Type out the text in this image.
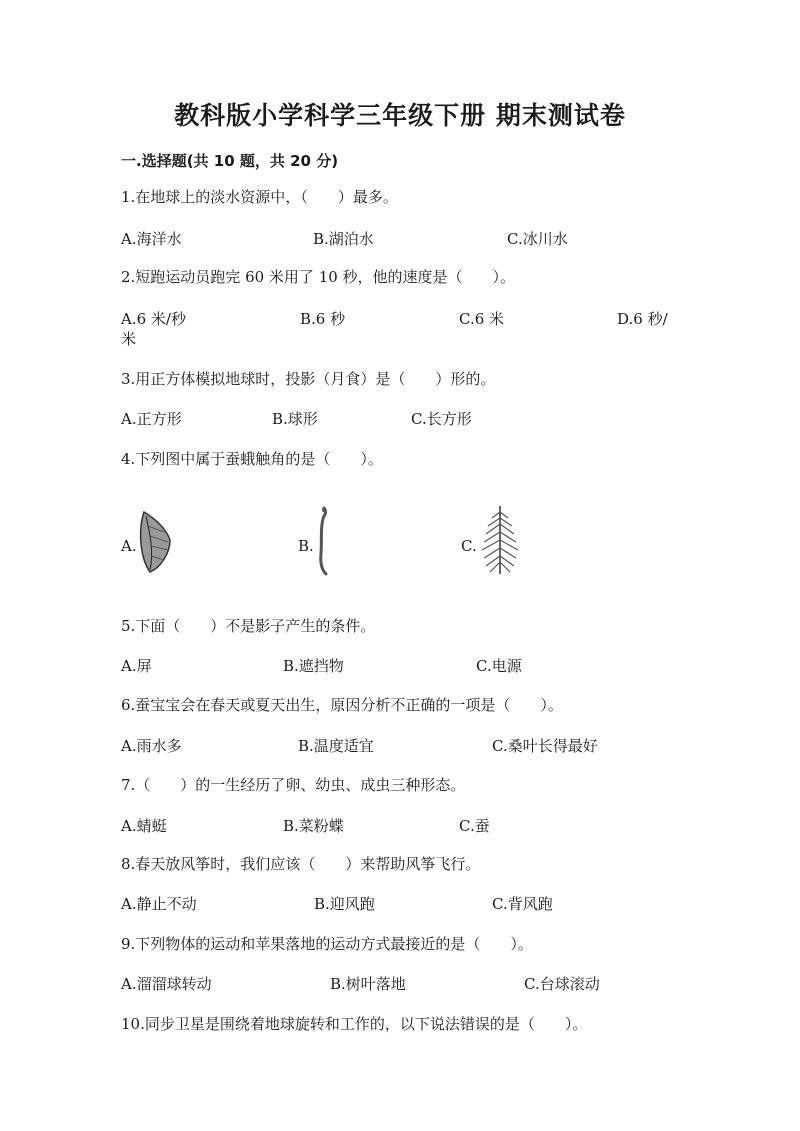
教科版小学科学三年级下册 期末测试卷
一.选择题(共 10 题，共 20 分)
1.在地球上的淡水资源中，（　　）最多。
A.海洋水	B.湖泊水	C.冰川水
2.短跑运动员跑完 60 米用了 10 秒，他的速度是（　　）。
A.6 米/秒	B.6 秒	C.6 米	D.6 秒/
米
3.用正方体模拟地球时，投影（月食）是（　　）形的。
A.正方形	B.球形	C.长方形
4.下列图中属于蚕蛾触角的是（　　）。
A.	B.	C.
5.下面（　　）不是影子产生的条件。
A.屏	B.遮挡物	C.电源
6.蚕宝宝会在春天或夏天出生，原因分析不正确的一项是（　　）。
A.雨水多	B.温度适宜	C.桑叶长得最好
7.（　　）的一生经历了卵、幼虫、成虫三种形态。
A.蜻蜓	B.菜粉蝶	C.蚕
8.春天放风筝时，我们应该（　　）来帮助风筝飞行。
A.静止不动	B.迎风跑	C.背风跑
9.下列物体的运动和苹果落地的运动方式最接近的是（　　）。
A.溜溜球转动	B.树叶落地	C.台球滚动
10.同步卫星是围绕着地球旋转和工作的，以下说法错误的是（　　）。
